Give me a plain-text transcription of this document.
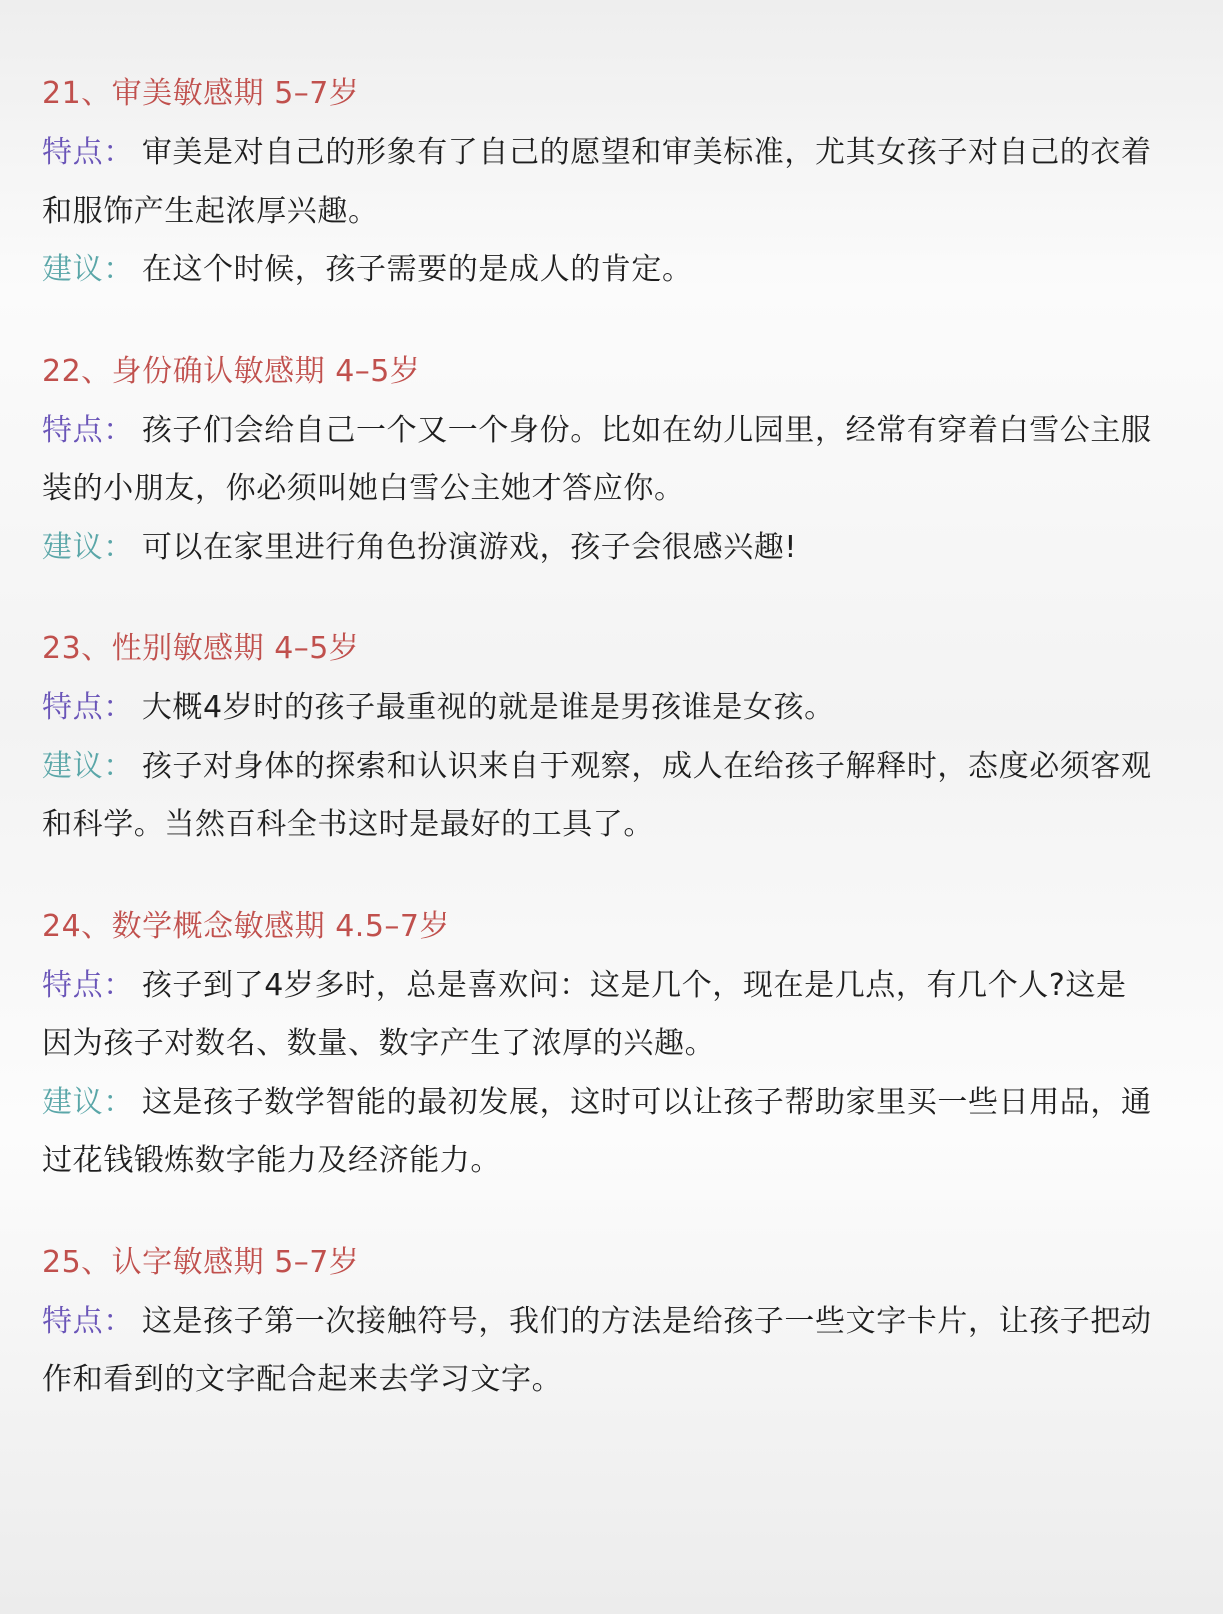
21、审美敏感期 5–7岁

特点： 审美是对自己的形象有了自己的愿望和审美标准，尤其女孩子对自己的衣着和服饰产生起浓厚兴趣。

建议： 在这个时候，孩子需要的是成人的肯定。

22、身份确认敏感期 4–5岁

特点： 孩子们会给自己一个又一个身份。比如在幼儿园里，经常有穿着白雪公主服装的小朋友，你必须叫她白雪公主她才答应你。

建议： 可以在家里进行角色扮演游戏，孩子会很感兴趣!

23、性别敏感期 4–5岁

特点： 大概4岁时的孩子最重视的就是谁是男孩谁是女孩。

建议： 孩子对身体的探索和认识来自于观察，成人在给孩子解释时，态度必须客观和科学。当然百科全书这时是最好的工具了。

24、数学概念敏感期 4.5–7岁

特点： 孩子到了4岁多时，总是喜欢问：这是几个，现在是几点，有几个人?这是因为孩子对数名、数量、数字产生了浓厚的兴趣。

建议： 这是孩子数学智能的最初发展，这时可以让孩子帮助家里买一些日用品，通过花钱锻炼数字能力及经济能力。

25、认字敏感期 5–7岁

特点： 这是孩子第一次接触符号，我们的方法是给孩子一些文字卡片，让孩子把动作和看到的文字配合起来去学习文字。
